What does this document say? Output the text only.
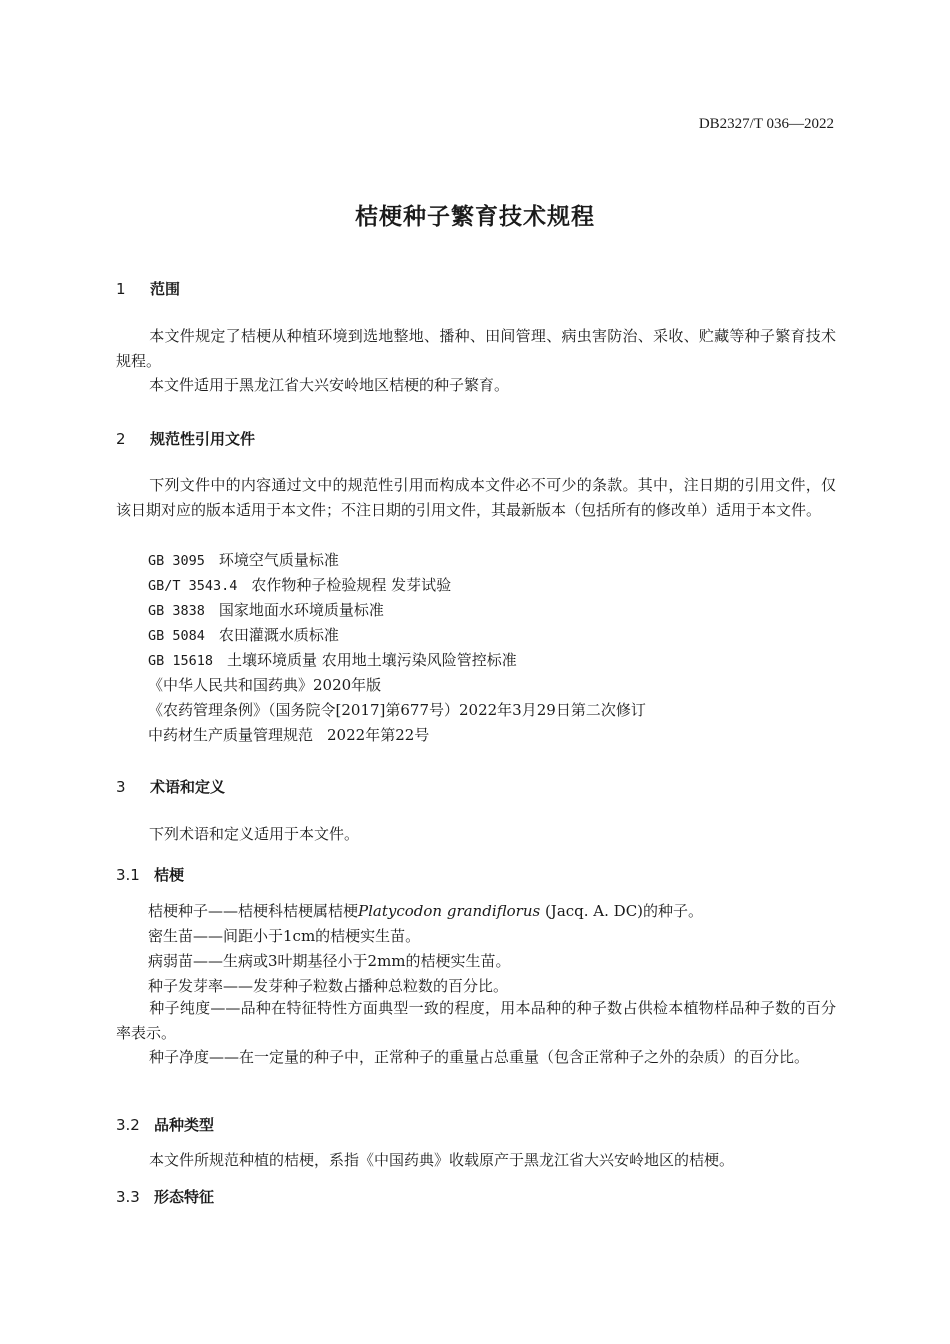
DB2327/T 036—2022
桔梗种子繁育技术规程
1 范围
本文件规定了桔梗从种植环境到选地整地、播种、田间管理、病虫害防治、采收、贮藏等种子繁育技术规程。
本文件适用于黑龙江省大兴安岭地区桔梗的种子繁育。
2 规范性引用文件
下列文件中的内容通过文中的规范性引用而构成本文件必不可少的条款。其中，注日期的引用文件，仅该日期对应的版本适用于本文件；不注日期的引用文件，其最新版本（包括所有的修改单）适用于本文件。
GB 3095 环境空气质量标准
GB/T 3543.4 农作物种子检验规程 发芽试验
GB 3838 国家地面水环境质量标准
GB 5084 农田灌溉水质标准
GB 15618 土壤环境质量 农用地土壤污染风险管控标准
《中华人民共和国药典》2020年版
《农药管理条例》（国务院令[2017]第677号）2022年3月29日第二次修订
中药材生产质量管理规范 2022年第22号
3 术语和定义
下列术语和定义适用于本文件。
3.1 桔梗
桔梗种子——桔梗科桔梗属桔梗Platycodon grandiflorus (Jacq. A. DC)的种子。
密生苗——间距小于1cm的桔梗实生苗。
病弱苗——生病或3叶期基径小于2mm的桔梗实生苗。
种子发芽率——发芽种子粒数占播种总粒数的百分比。
种子纯度——品种在特征特性方面典型一致的程度，用本品种的种子数占供检本植物样品种子数的百分率表示。
种子净度——在一定量的种子中，正常种子的重量占总重量（包含正常种子之外的杂质）的百分比。
3.2 品种类型
本文件所规范种植的桔梗，系指《中国药典》收载原产于黑龙江省大兴安岭地区的桔梗。
3.3 形态特征
